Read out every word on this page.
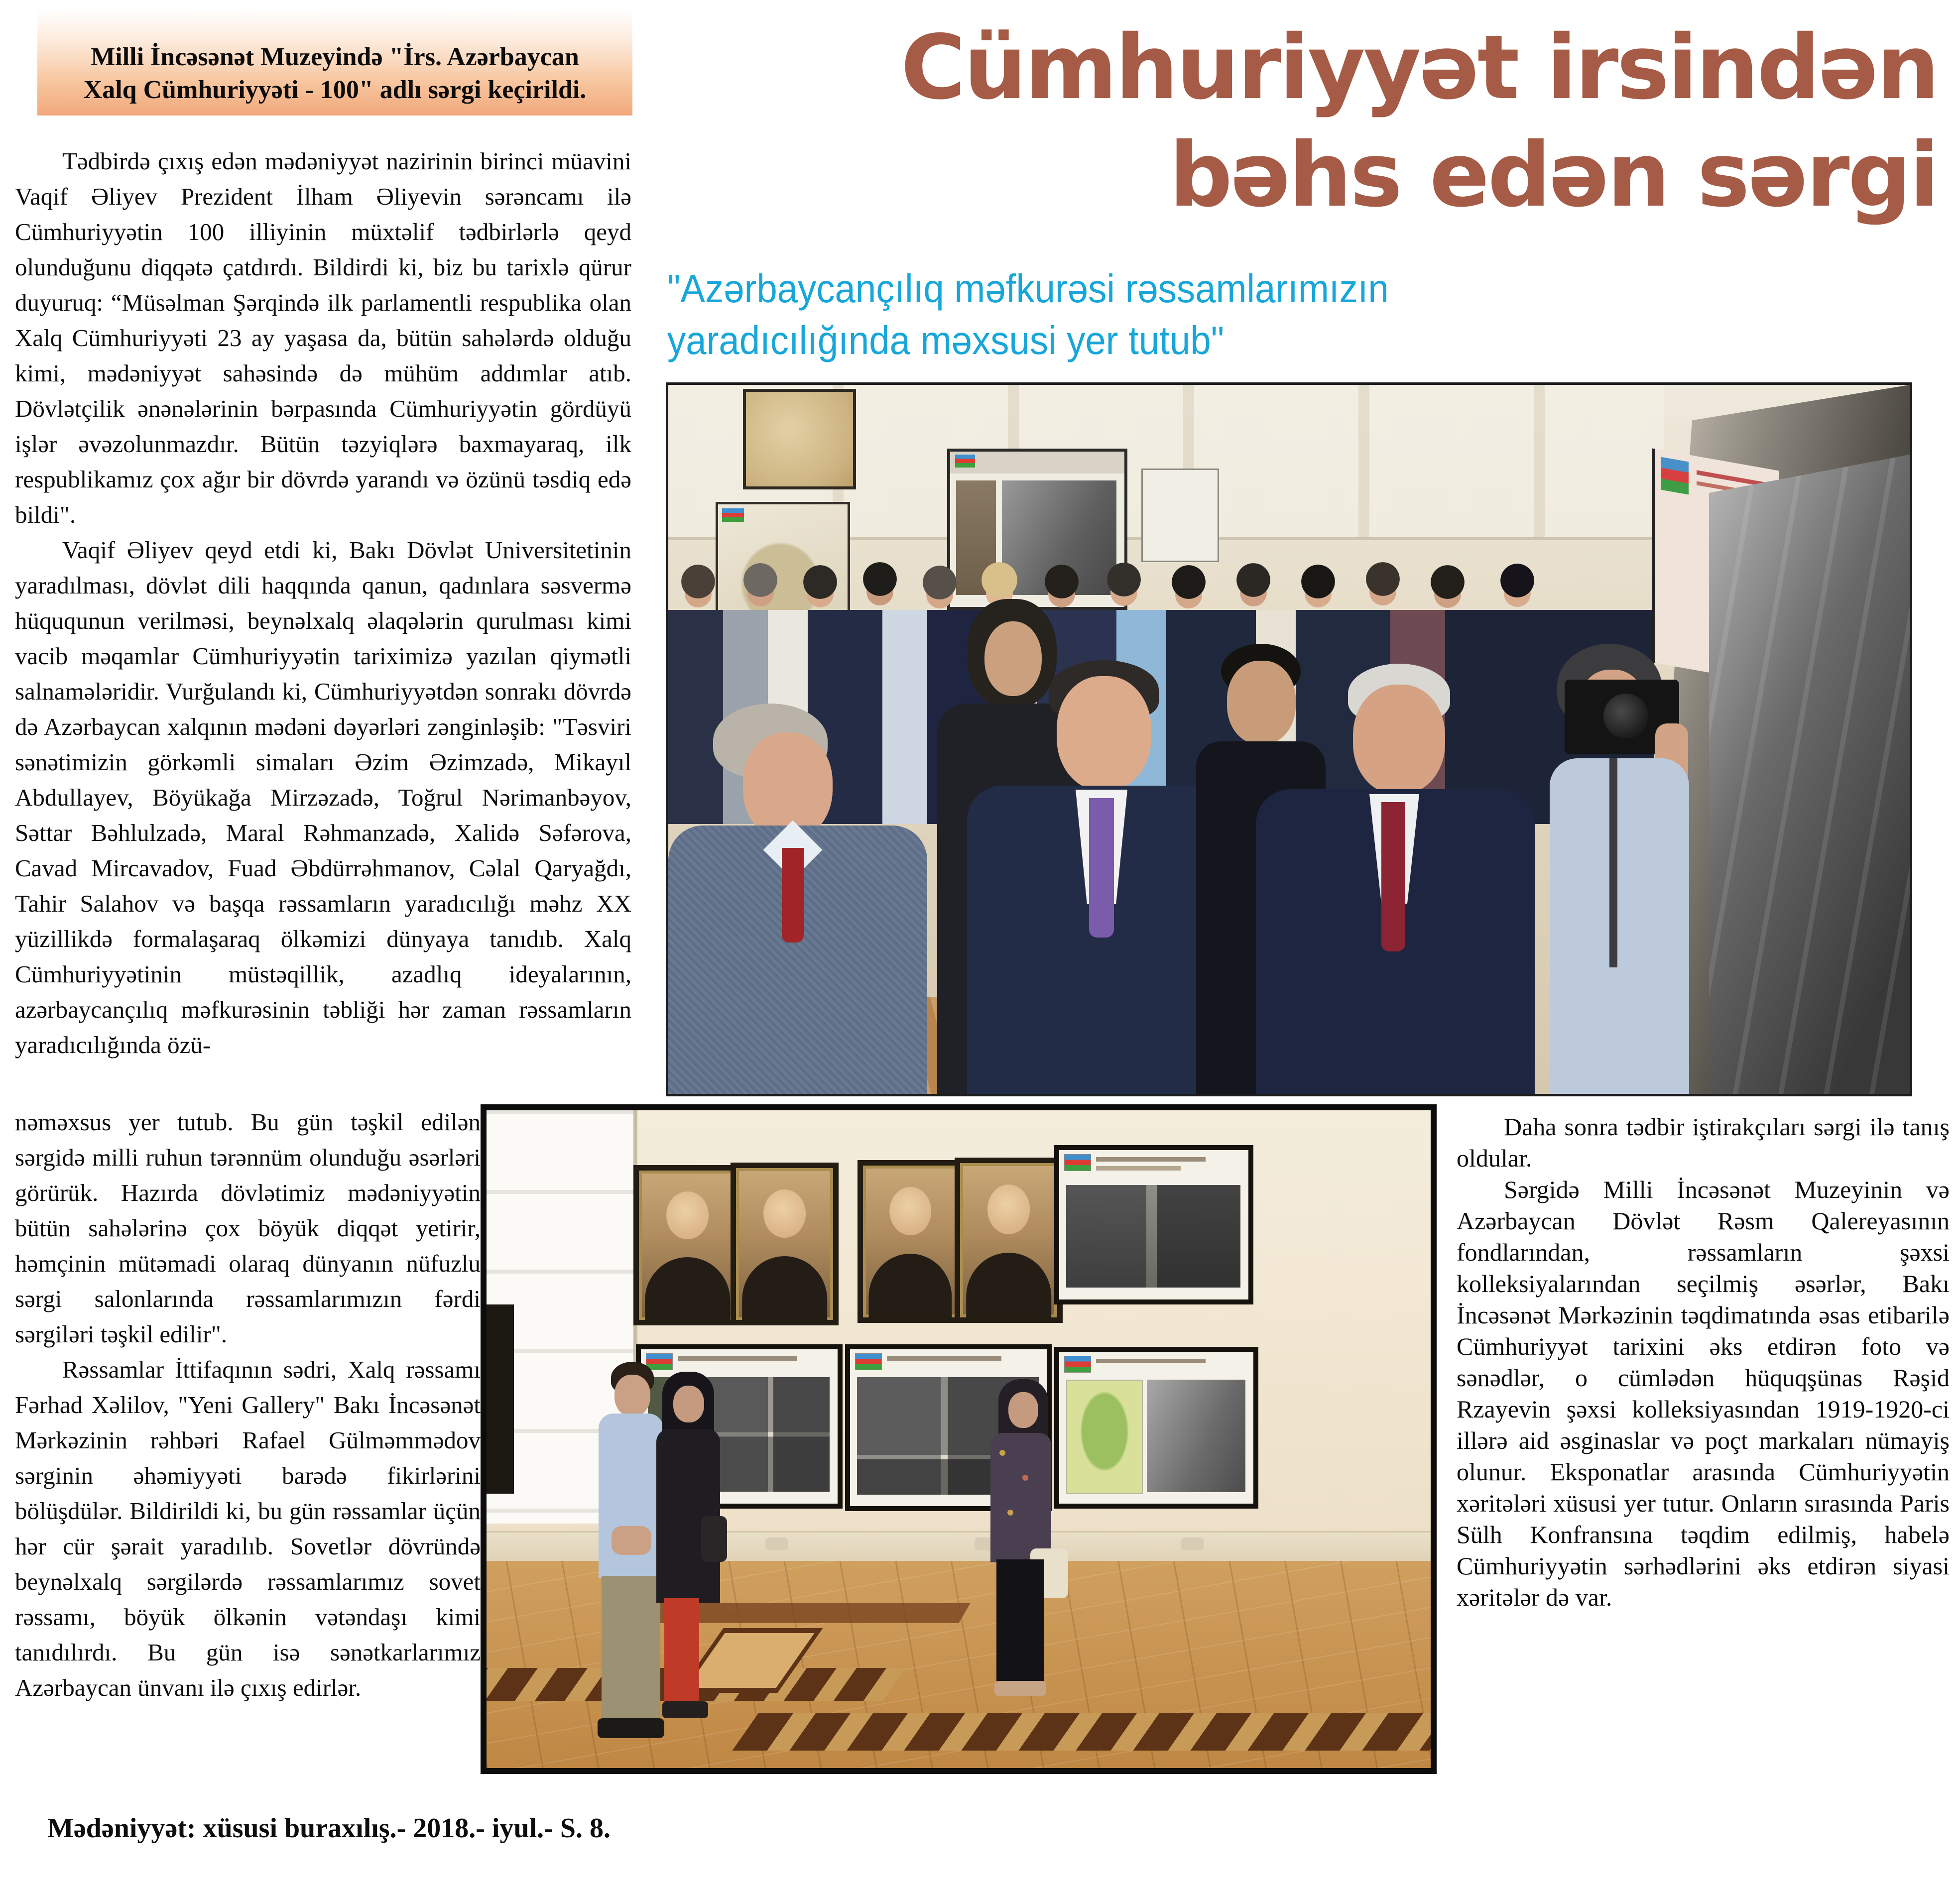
Milli İncəsənət Muzeyində "İrs. Azərbaycan Xalq Cümhuriyyəti - 100" adlı sərgi keçirildi.	Cümhuriyyət irsindən
bəhs edən sərgi
"Azərbaycançılıq məfkurəsi rəssamlarımızın yaradıcılığında məxsusi yer tutub"

Tədbirdə çıxış edən mədəniyyət nazirinin birinci müavini Vaqif Əliyev Prezident İlham Əliyevin sərəncamı ilə Cümhuriyyətin 100 illiyinin müxtəlif tədbirlərlə qeyd olunduğunu diqqətə çatdırdı. Bildirdi ki, biz bu tarixlə qürur duyuruq: “Müsəlman Şərqində ilk parlamentli respublika olan Xalq Cümhuriyyəti 23 ay yaşasa da, bütün sahələrdə olduğu kimi, mədəniyyət sahəsində də mühüm addımlar atıb. Dövlətçilik ənənələrinin bərpasında Cümhuriyyətin gördüyü işlər əvəzolunmazdır. Bütün təzyiqlərə baxmayaraq, ilk respublikamız çox ağır bir dövrdə yarandı və özünü təsdiq edə bildi".

Vaqif Əliyev qeyd etdi ki, Bakı Dövlət Universitetinin yaradılması, dövlət dili haqqında qanun, qadınlara səsvermə hüququnun verilməsi, beynəlxalq əlaqələrin qurulması kimi vacib məqamlar Cümhuriyyətin tariximizə yazılan qiymətli salnamələridir. Vurğulandı ki, Cümhuriyyətdən sonrakı dövrdə də Azərbaycan xalqının mədəni dəyərləri zənginləşib: "Təsviri sənətimizin görkəmli simaları Əzim Əzimzadə, Mikayıl Abdullayev, Böyükağa Mirzəzadə, Toğrul Nərimanbəyov, Səttar Bəhlulzadə, Maral Rəhmanzadə, Xalidə Səfərova, Cavad Mircavadov, Fuad Əbdürrəhmanov, Cəlal Qaryağdı, Tahir Salahov və başqa rəssamların yaradıcılığı məhz XX yüzillikdə formalaşaraq ölkəmizi dünyaya tanıdıb. Xalq Cümhuriyyətinin müstəqillik, azadlıq ideyalarının, azərbaycançılıq məfkurəsinin təbliği hər zaman rəssamların yaradıcılığında özü-

nəməxsus yer tutub. Bu gün təşkil edilən sərgidə milli ruhun tərənnüm olunduğu əsərləri görürük. Hazırda dövlətimiz mədəniyyətin bütün sahələrinə çox böyük diqqət yetirir, həmçinin mütəmadi olaraq dünyanın nüfuzlu sərgi salonlarında rəssamlarımızın fərdi sərgiləri təşkil edilir".

Rəssamlar İttifaqının sədri, Xalq rəssamı Fərhad Xəlilov, "Yeni Gallery" Bakı İncəsənət Mərkəzinin rəhbəri Rafael Gülməmmədov sərginin əhəmiyyəti barədə fikirlərini bölüşdülər. Bildirildi ki, bu gün rəssamlar üçün hər cür şərait yaradılıb. Sovetlər dövründə beynəlxalq sərgilərdə rəssamlarımız sovet rəssamı, böyük ölkənin vətəndaşı kimi tanıdılırdı. Bu gün isə sənətkarlarımız Azərbaycan ünvanı ilə çıxış edirlər.

Daha sonra tədbir iştirakçıları sərgi ilə tanış oldular.

Sərgidə Milli İncəsənət Muzeyinin və Azərbaycan Dövlət Rəsm Qalereyasının fondlarından, rəssamların şəxsi kolleksiyalarından seçilmiş əsərlər, Bakı İncəsənət Mərkəzinin təqdimatında əsas etibarilə Cümhuriyyət tarixini əks etdirən foto və sənədlər, o cümlədən hüquqşünas Rəşid Rzayevin şəxsi kolleksiyasından 1919-1920-ci illərə aid əsginaslar və poçt markaları nümayiş olunur. Eksponatlar arasında Cümhuriyyətin xəritələri xüsusi yer tutur. Onların sırasında Paris Sülh Konfransına təqdim edilmiş, habelə Cümhuriyyətin sərhədlərini əks etdirən siyasi xəritələr də var.

Mədəniyyət: xüsusi buraxılış.- 2018.- iyul.- S. 8.
